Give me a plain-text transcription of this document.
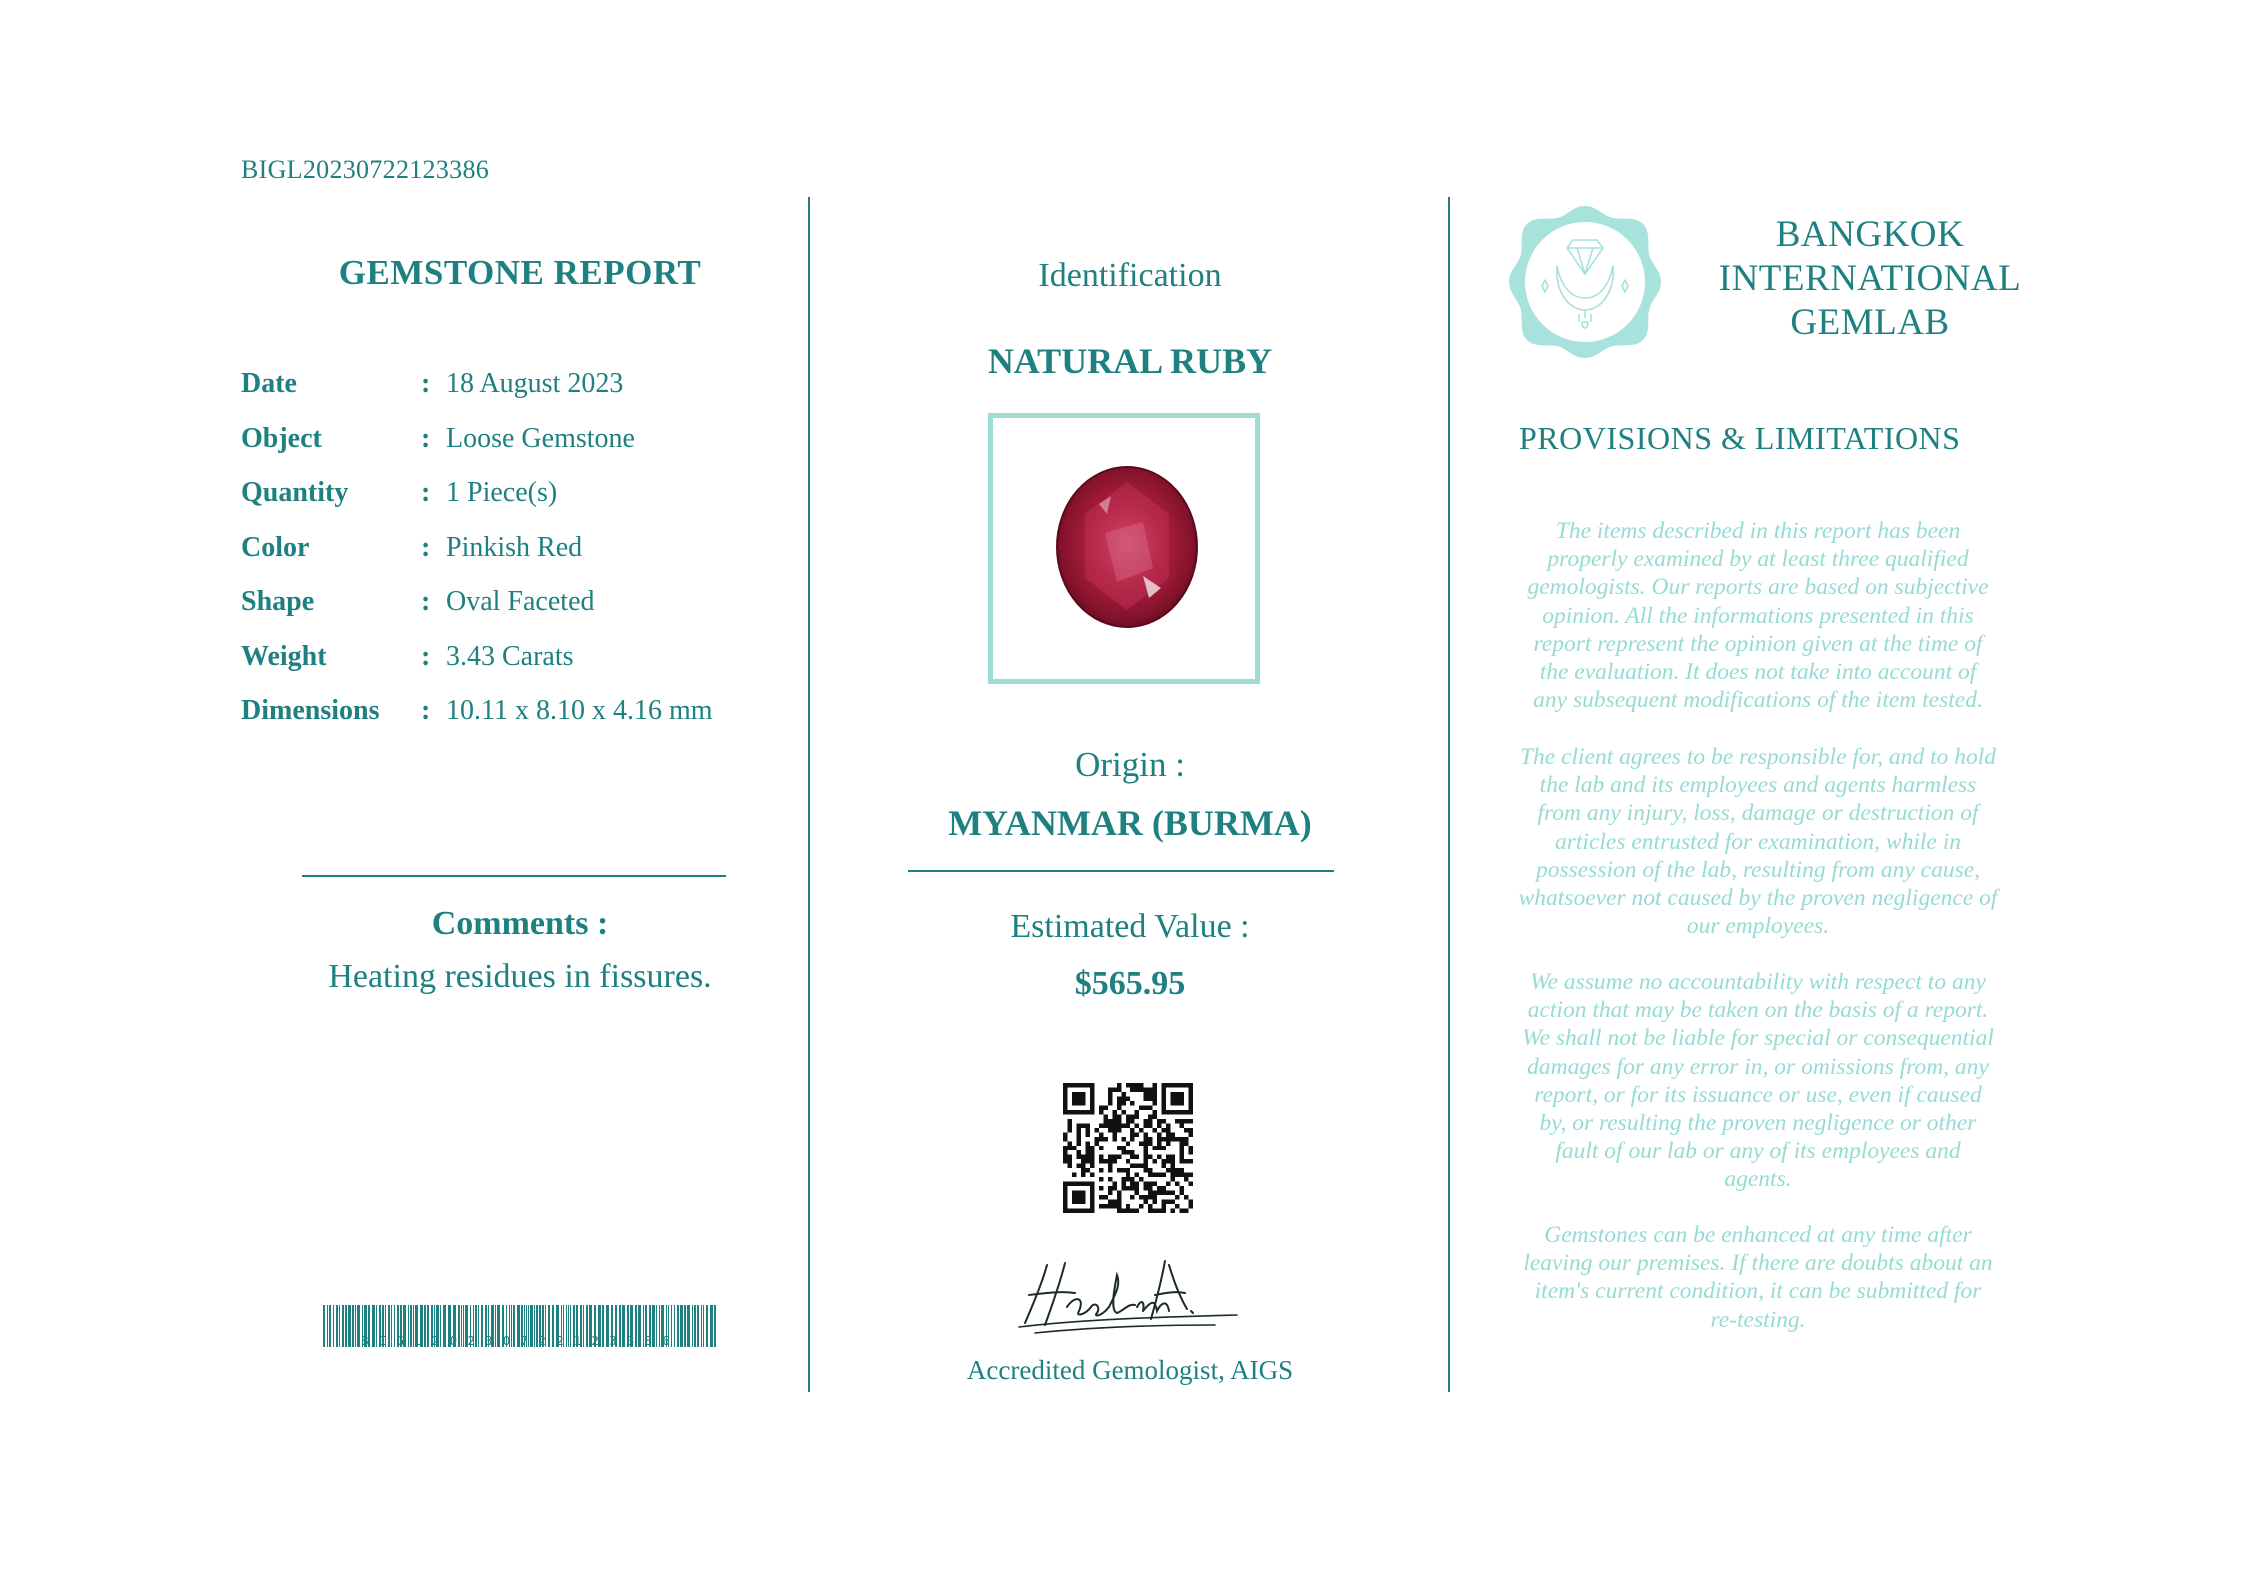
BIGL20230722123386
GEMSTONE REPORT
Date	: 18 August 2023
Object	: Loose Gemstone
Quantity	: 1 Piece(s)
Color	: Pinkish Red
Shape	: Oval Faceted
Weight	: 3.43 Carats
Dimensions : 10.11 x 8.10 x 4.16 mm
Comments :
Heating residues in fissures.
BIGL20230722123386
Identification
NATURAL RUBY
Origin :
MYANMAR (BURMA)
Estimated Value :
$565.95
Accredited Gemologist, AIGS
BANGKOK
INTERNATIONAL
GEMLAB
PROVISIONS & LIMITATIONS
The items described in this report has been
properly examined by at least three qualified
gemologists. Our reports are based on subjective
opinion. All the informations presented in this
report represent the opinion given at the time of
the evaluation. It does not take into account of
any subsequent modifications of the item tested.
The client agrees to be responsible for, and to hold
the lab and its employees and agents harmless
from any injury, loss, damage or destruction of
articles entrusted for examination, while in
possession of the lab, resulting from any cause,
whatsoever not caused by the proven negligence of
our employees.
We assume no accountability with respect to any
action that may be taken on the basis of a report.
We shall not be liable for special or consequential
damages for any error in, or omissions from, any
report, or for its issuance or use, even if caused
by, or resulting the proven negligence or other
fault of our lab or any of its employees and
agents.
Gemstones can be enhanced at any time after
leaving our premises. If there are doubts about an
item's current condition, it can be submitted for
re-testing.
